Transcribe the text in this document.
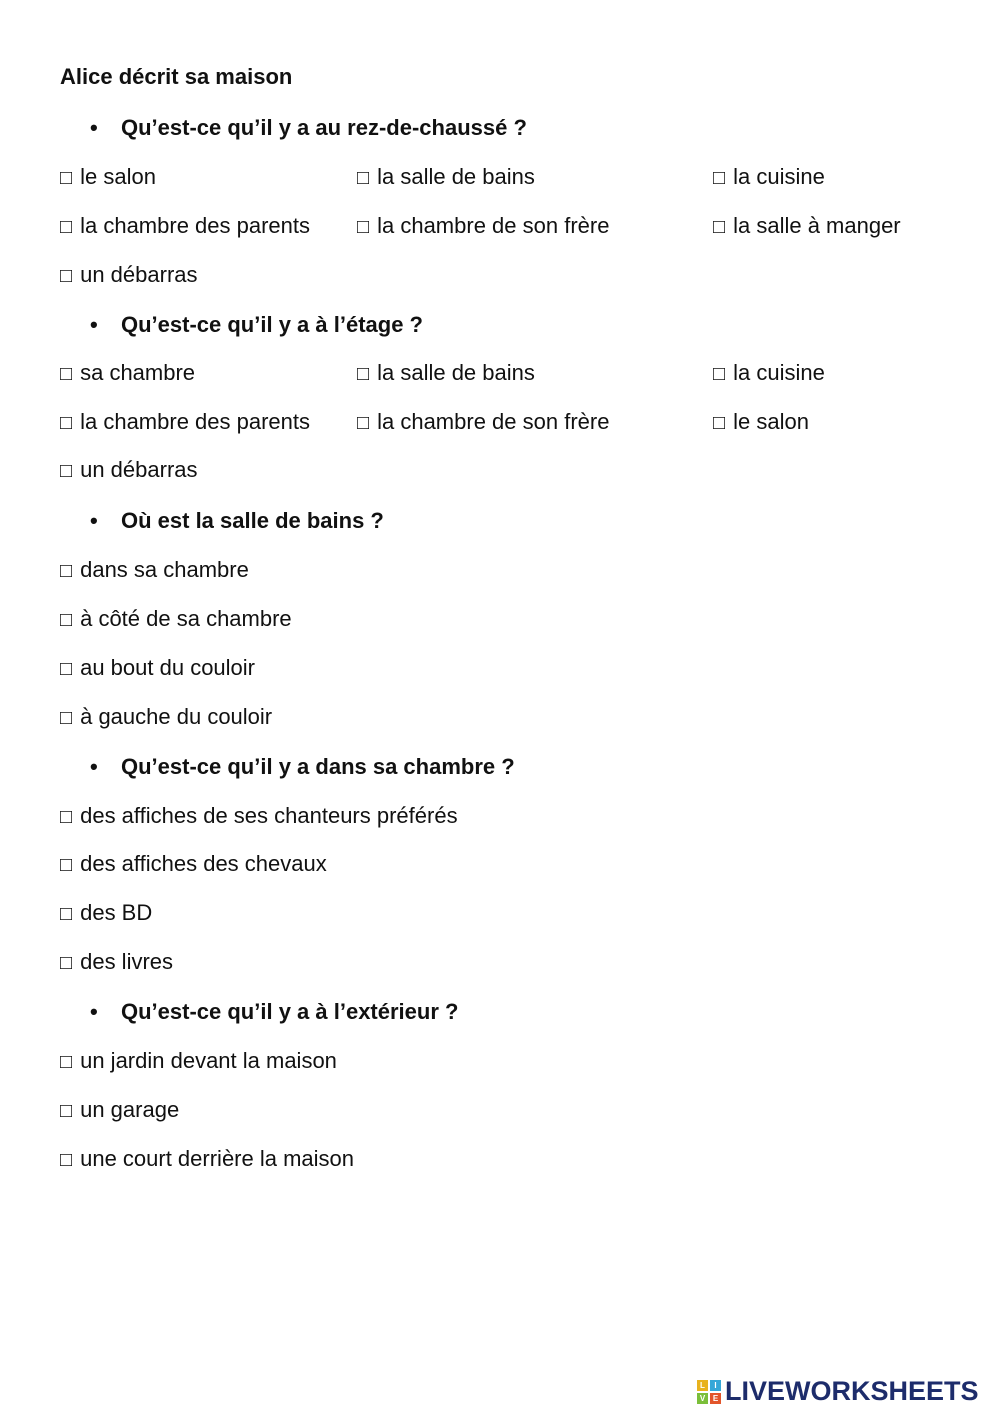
Alice décrit sa maison
• Qu’est-ce qu’il y a au rez-de-chaussé ?
□ le salon	□ la salle de bains	□ la cuisine
□ la chambre des parents □ la chambre de son frère	□ la salle à manger
□ un débarras
• Qu’est-ce qu’il y a à l’étage ?
□ sa chambre	□ la salle de bains	□ la cuisine
□ la chambre des parents □ la chambre de son frère	□ le salon
□ un débarras
• Où est la salle de bains ?
□ dans sa chambre
□ à côté de sa chambre
□ au bout du couloir
□ à gauche du couloir
• Qu’est-ce qu’il y a dans sa chambre ?
□ des affiches de ses chanteurs préférés
□ des affiches des chevaux
□ des BD
□ des livres
• Qu’est-ce qu’il y a à l’extérieur ?
□ un jardin devant la maison
□ un garage
□ une court derrière la maison
L	I
V E LIVEWORKSHEETS
